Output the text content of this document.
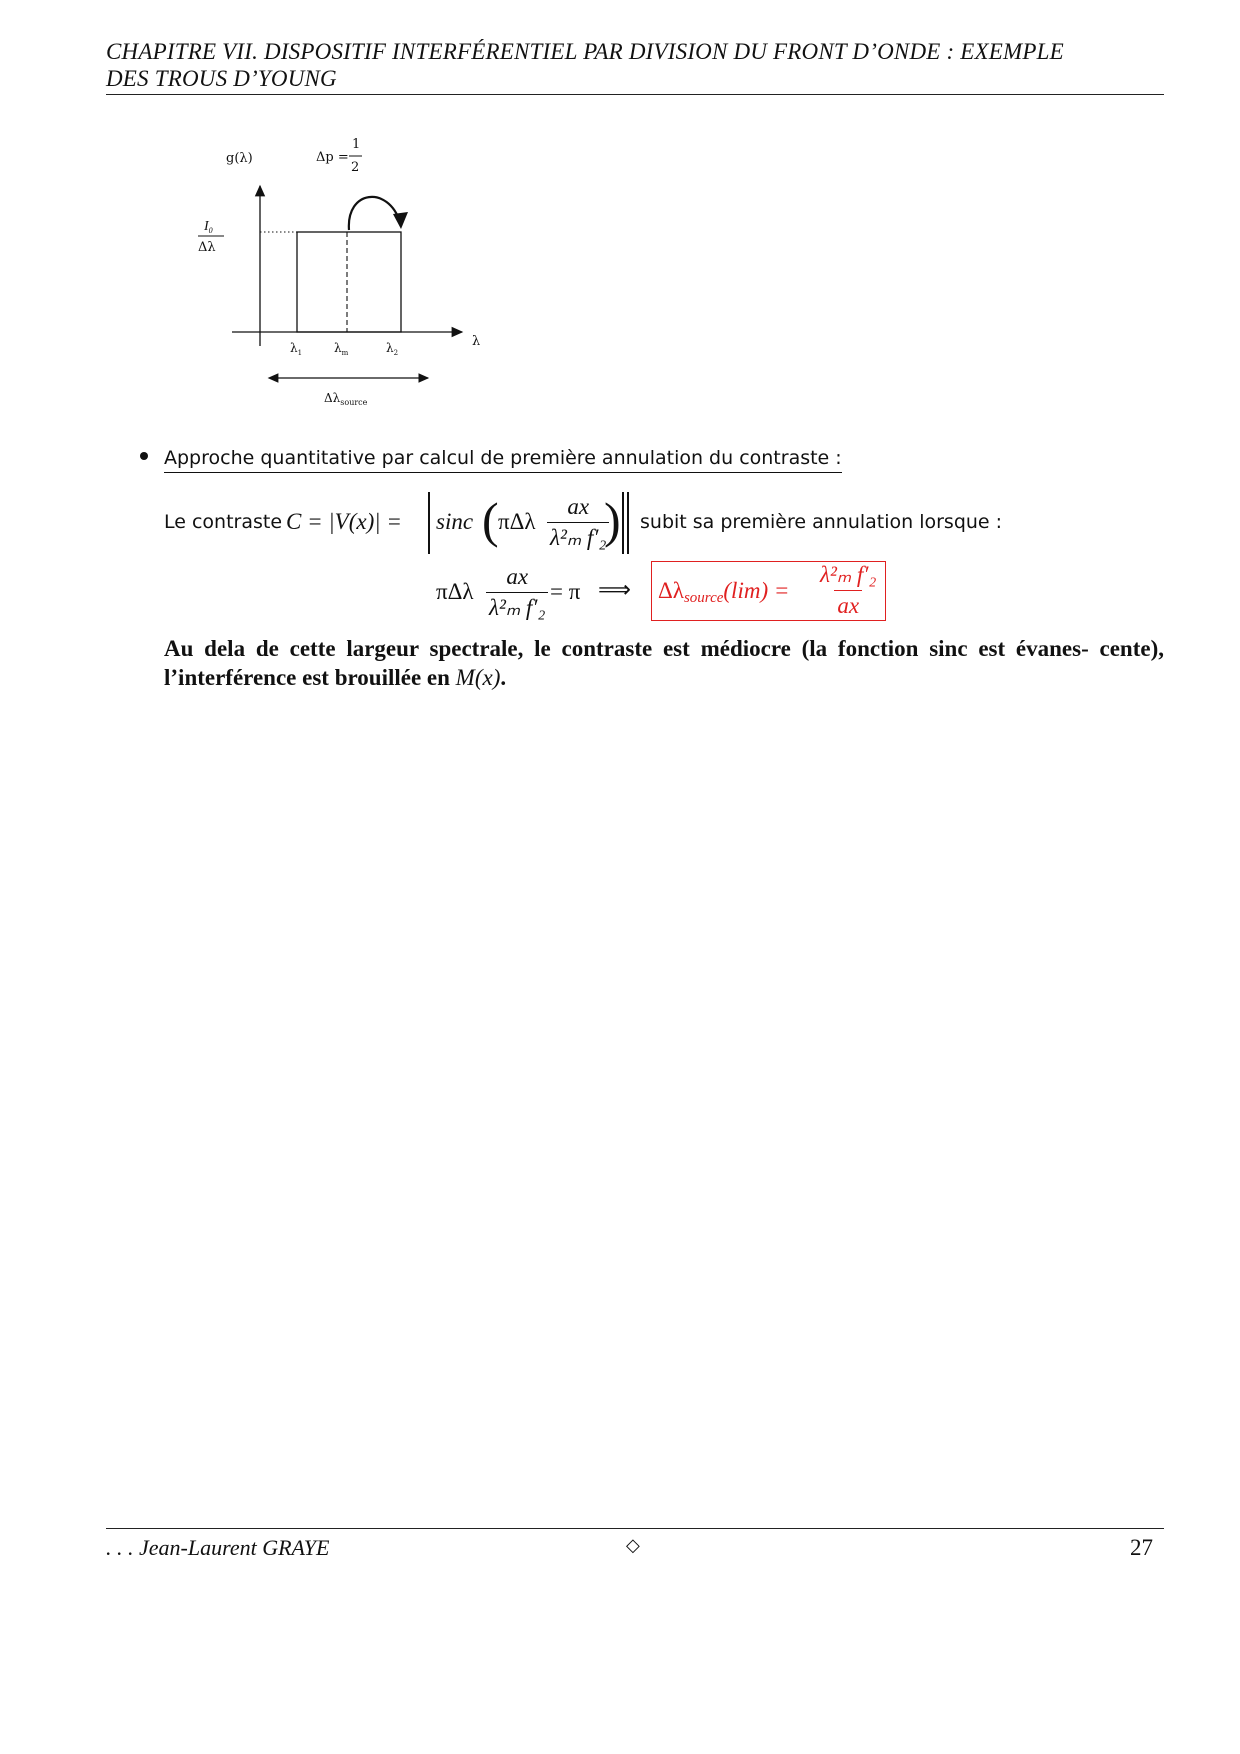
CHAPITRE VII. DISPOSITIF INTERFÉRENTIEL PAR DIVISION DU FRONT D’ONDE : EXEMPLE
DES TROUS D’YOUNG
g(λ)
λ
$I_0$
Δλ
Δp =
1
2
$\lambda_1$	$\lambda_m$	$\lambda_2$
$\Delta\lambda_{source}$
Approche quantitative par calcul de première annulation du contraste :
Le contraste C = |V(x)| = sinc ( πΔλ $\frac{ax}{\text{λ²ₘ f′₂}}$
) subit sa première annulation lorsque :
πΔλ $\frac{ax}{\text{λ²ₘ f′₂}} = \pi$ ⟹ Δλsource(lim) = $\frac{\text{λ²ₘ f′₂}}{ax}$
Au dela de cette largeur spectrale, le contraste est médiocre (la fonction sinc est évanes- cente), l’interférence est brouillée en M(x).
. . . Jean-Laurent GRAYE	◇	27
